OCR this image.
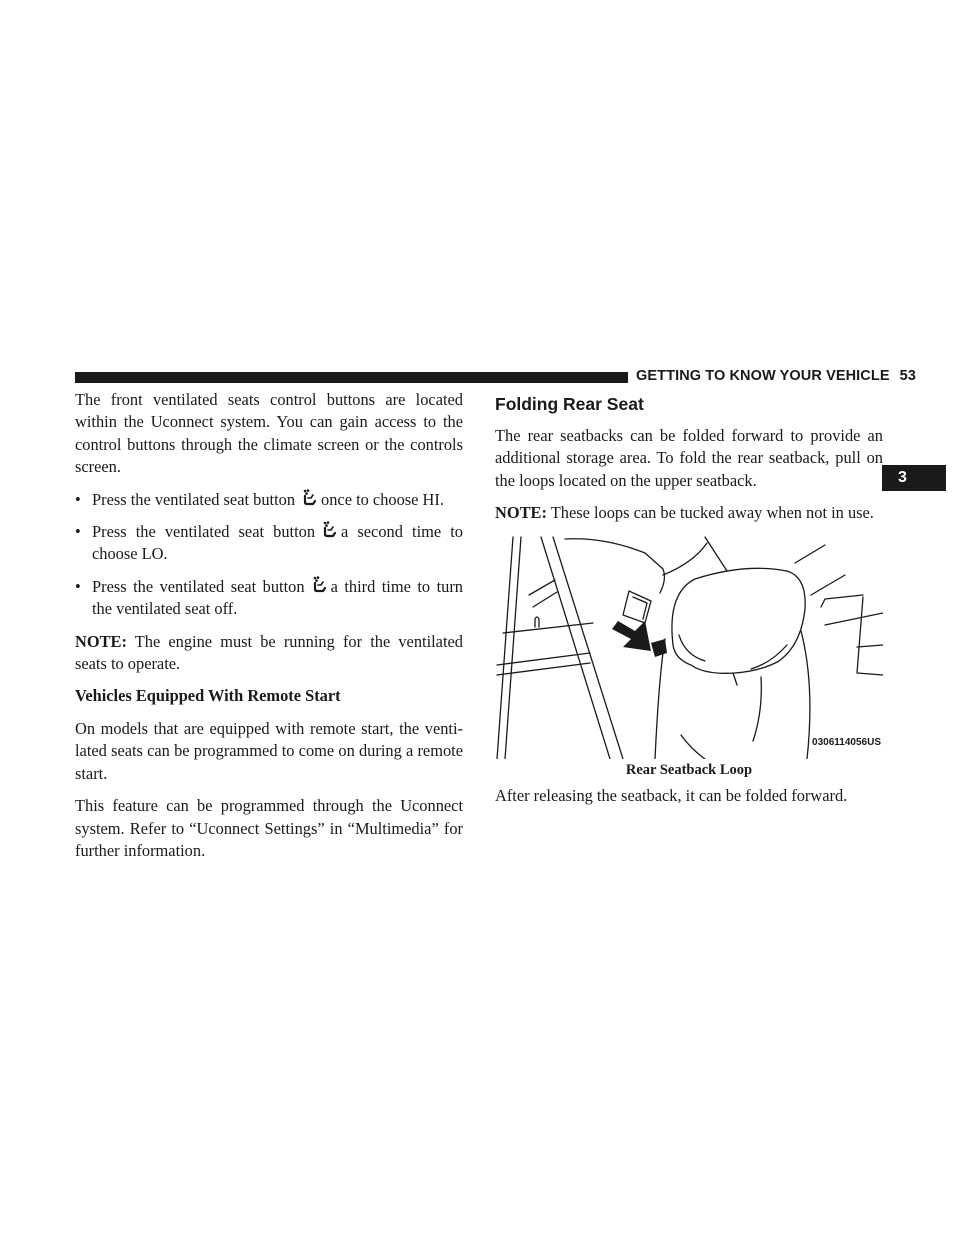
GETTING TO KNOW YOUR VEHICLE 53
3

The front ventilated seats control buttons are located within the Uconnect system. You can gain access to the control buttons through the climate screen or the controls screen.

• Press the ventilated seat button once to choose HI.
• Press the ventilated seat button a second time to choose LO.
• Press the ventilated seat button a third time to turn the ventilated seat off.

NOTE: The engine must be running for the ventilated seats to operate.

Vehicles Equipped With Remote Start

On models that are equipped with remote start, the venti-lated seats can be programmed to come on during a remote start.

This feature can be programmed through the Uconnect system. Refer to “Uconnect Settings” in “Multimedia” for further information.

Folding Rear Seat

The rear seatbacks can be folded forward to provide an additional storage area. To fold the rear seatback, pull on the loops located on the upper seatback.

NOTE: These loops can be tucked away when not in use.

0306114056US
Rear Seatback Loop

After releasing the seatback, it can be folded forward.
